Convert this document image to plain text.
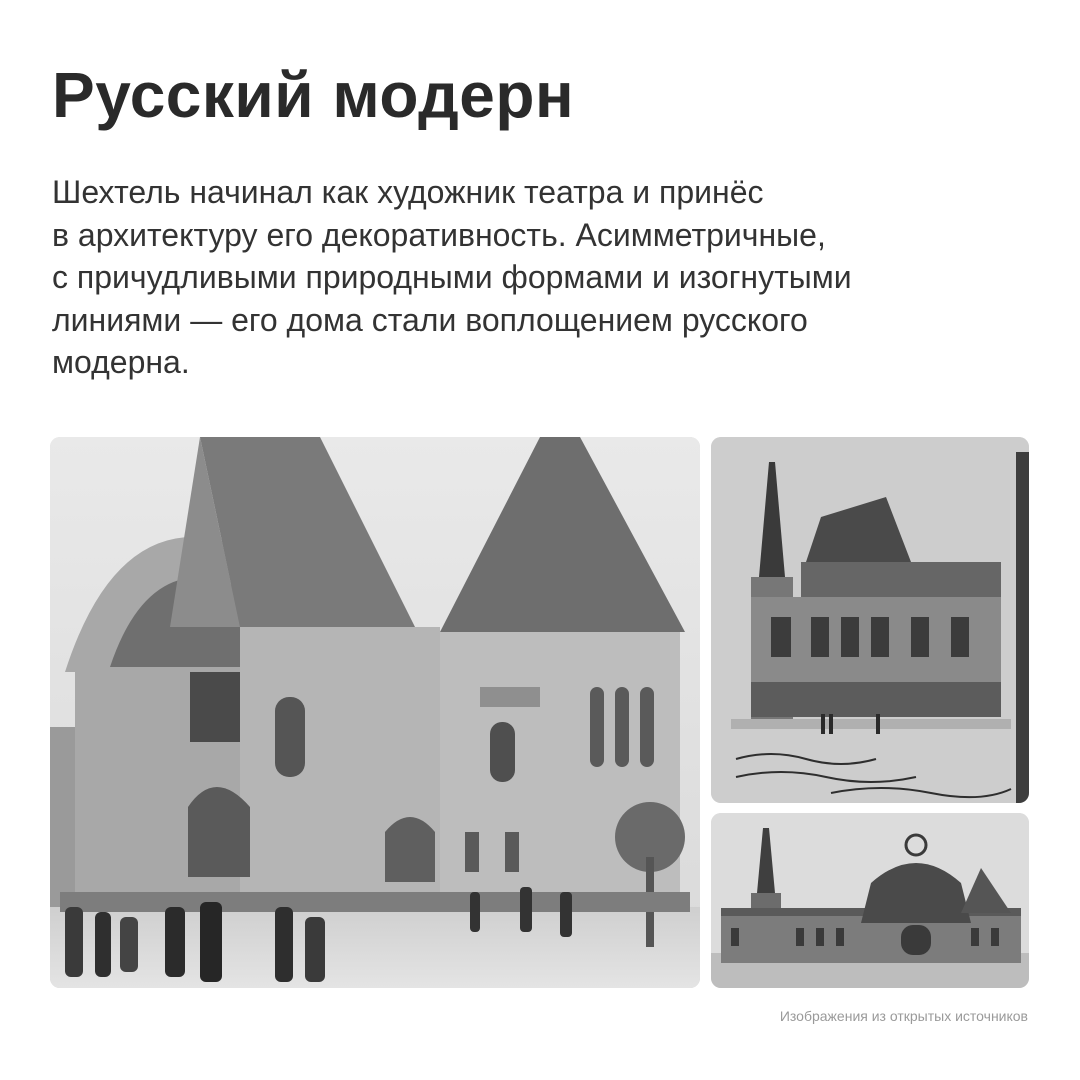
Русский модерн
Шехтель начинал как художник театра и принёс
в архитектуру его декоративность. Асимметричные,
с причудливыми природными формами и изогнутыми
линиями — его дома стали воплощением русского
модерна.
Изображения из открытых источников
